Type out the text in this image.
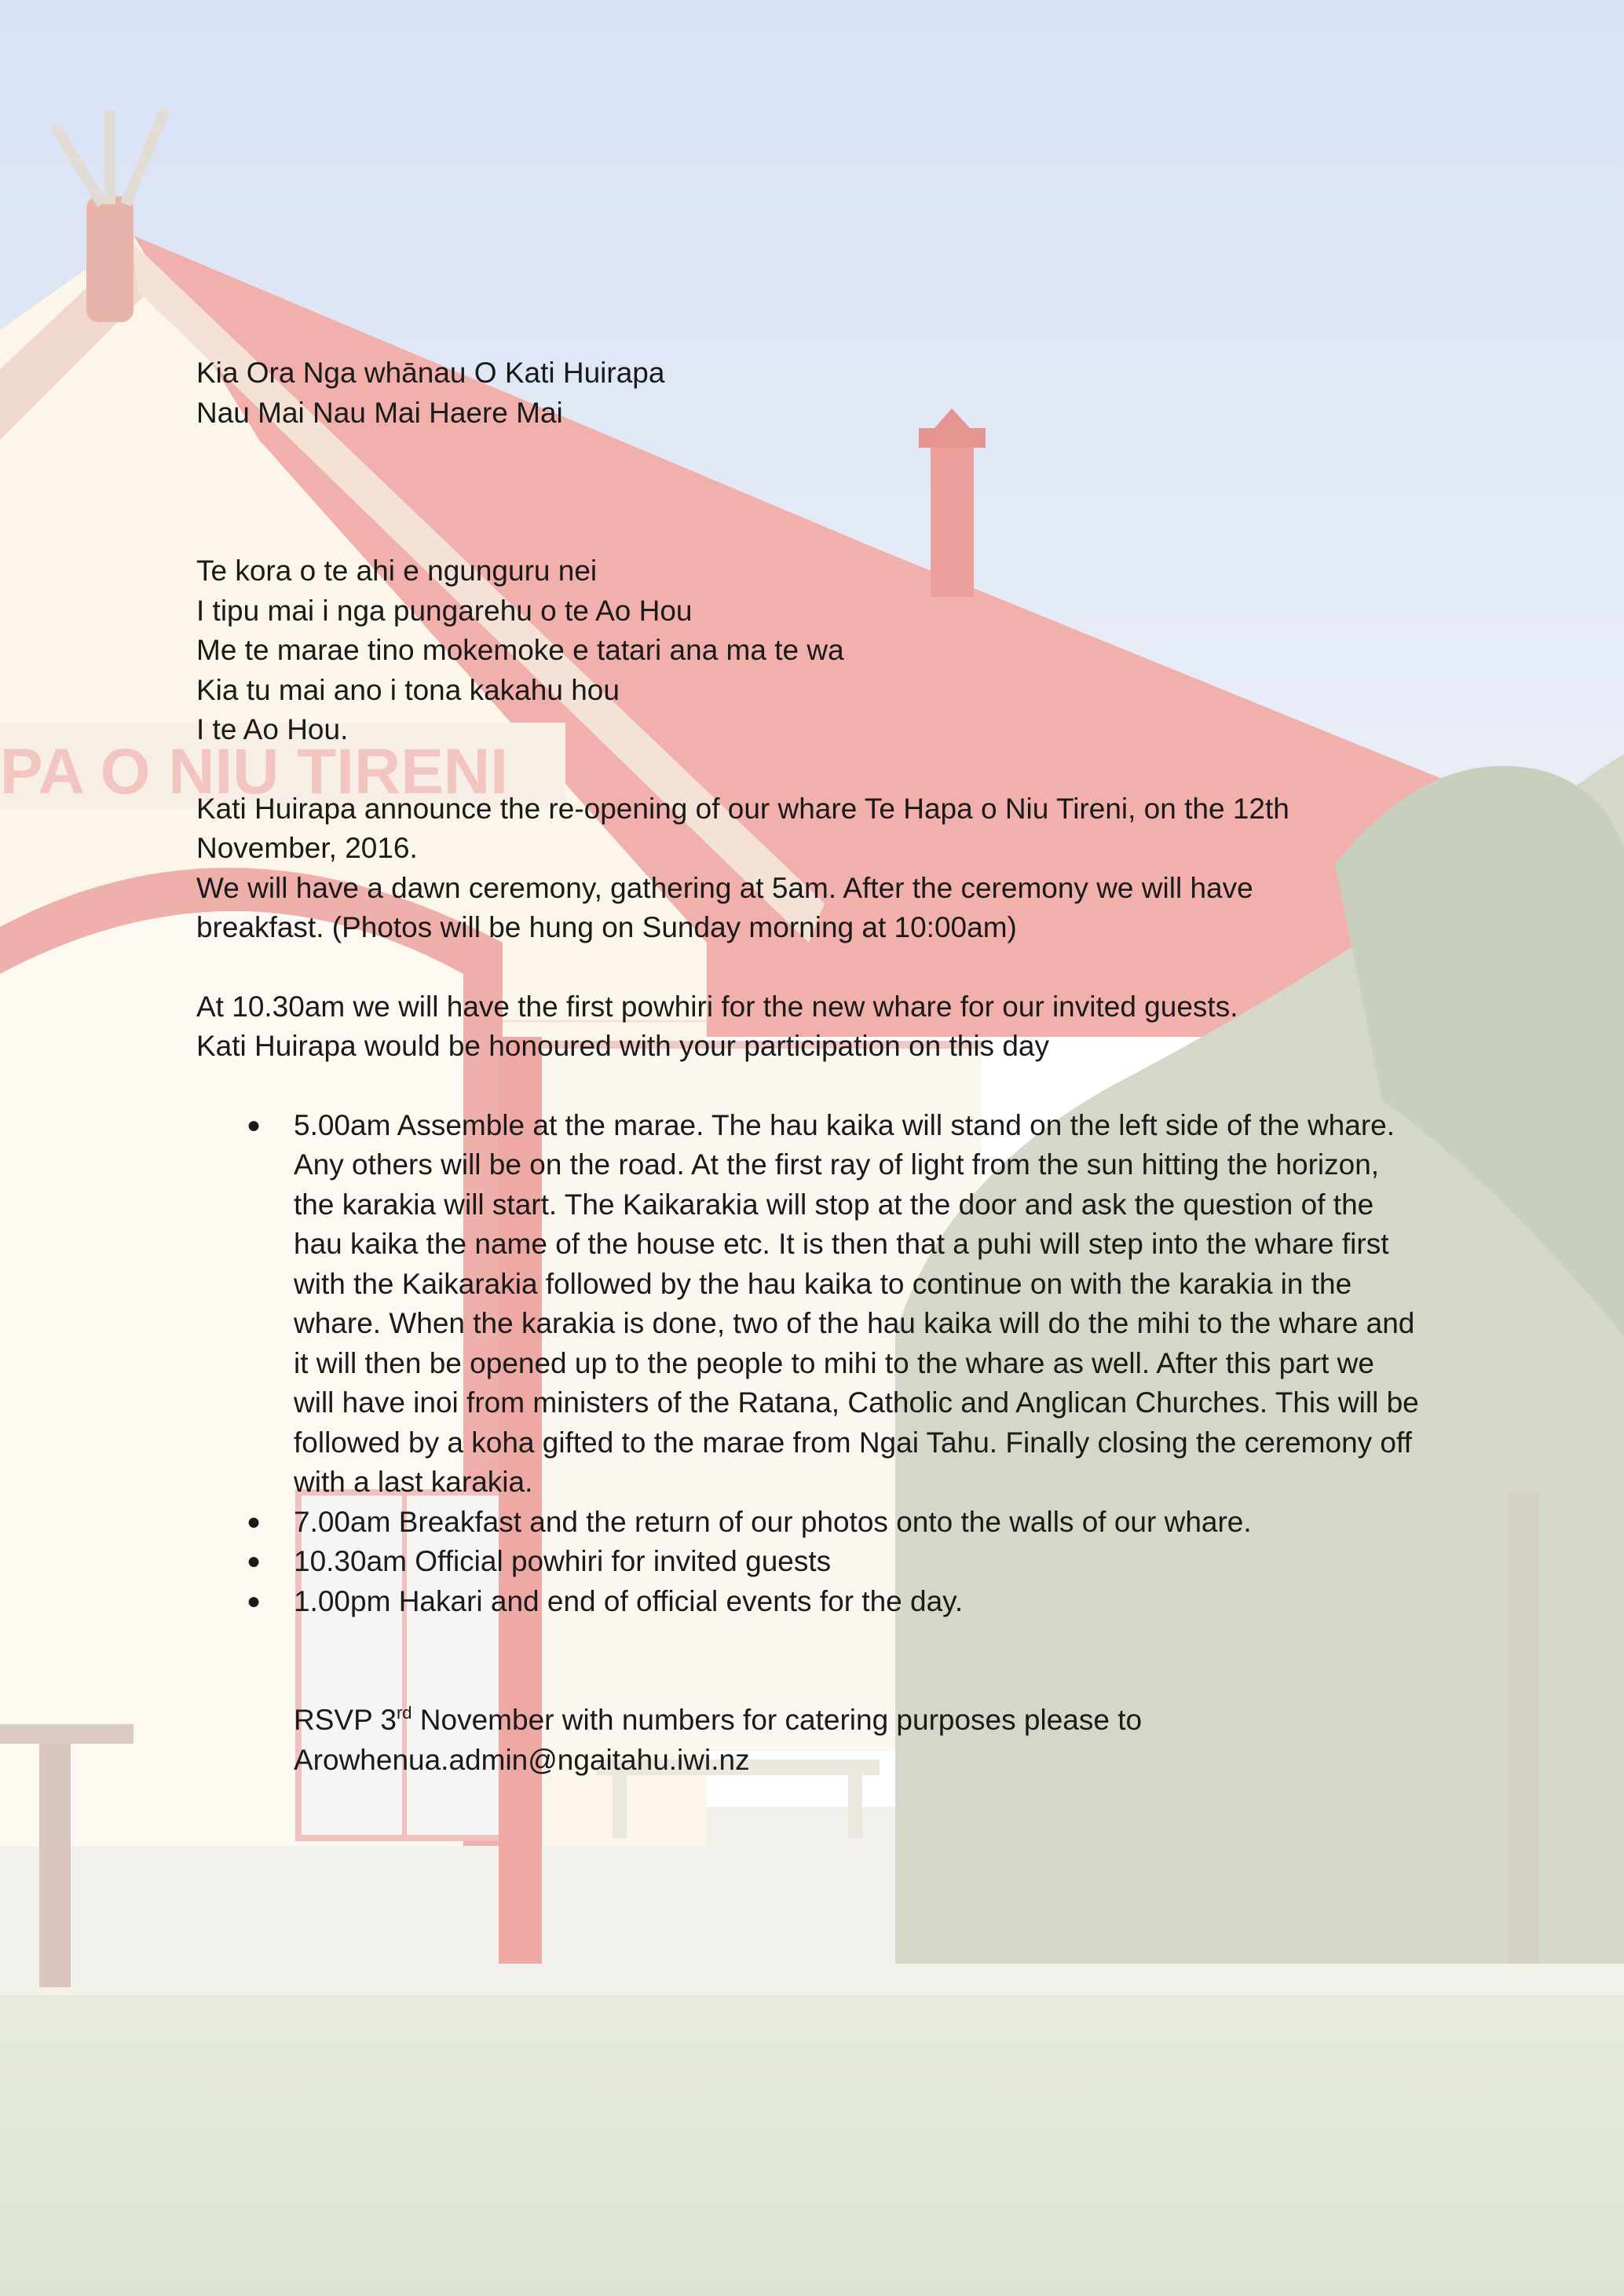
PA O NIU TIRENI

Kia Ora Nga whānau O Kati Huirapa

Nau Mai Nau Mai Haere Mai

Te kora o te ahi e ngunguru nei

I tipu mai i nga pungarehu o te Ao Hou

Me te marae tino mokemoke e tatari ana ma te wa

Kia tu mai ano i tona kakahu hou

I te Ao Hou.

Kati Huirapa announce the re-opening of our whare Te Hapa o Niu Tireni, on the 12th

November, 2016.

We will have a dawn ceremony, gathering at 5am. After the ceremony we will have

breakfast. (Photos will be hung on Sunday morning at 10:00am)

At 10.30am we will have the first powhiri for the new whare for our invited guests.

Kati Huirapa would be honoured with your participation on this day

● 5.00am Assemble at the marae. The hau kaika will stand on the left side of the whare. Any others will be on the road. At the first ray of light from the sun hitting the horizon, the karakia will start. The Kaikarakia will stop at the door and ask the question of the hau kaika the name of the house etc. It is then that a puhi will step into the whare first with the Kaikarakia followed by the hau kaika to continue on with the karakia in the whare. When the karakia is done, two of the hau kaika will do the mihi to the whare and it will then be opened up to the people to mihi to the whare as well. After this part we will have inoi from ministers of the Ratana, Catholic and Anglican Churches. This will be followed by a koha gifted to the marae from Ngai Tahu. Finally closing the ceremony off with a last karakia.
● 7.00am Breakfast and the return of our photos onto the walls of our whare.
● 10.30am Official powhiri for invited guests
● 1.00pm Hakari and end of official events for the day.

RSVP 3rd November with numbers for catering purposes please to

Arowhenua.admin@ngaitahu.iwi.nz
